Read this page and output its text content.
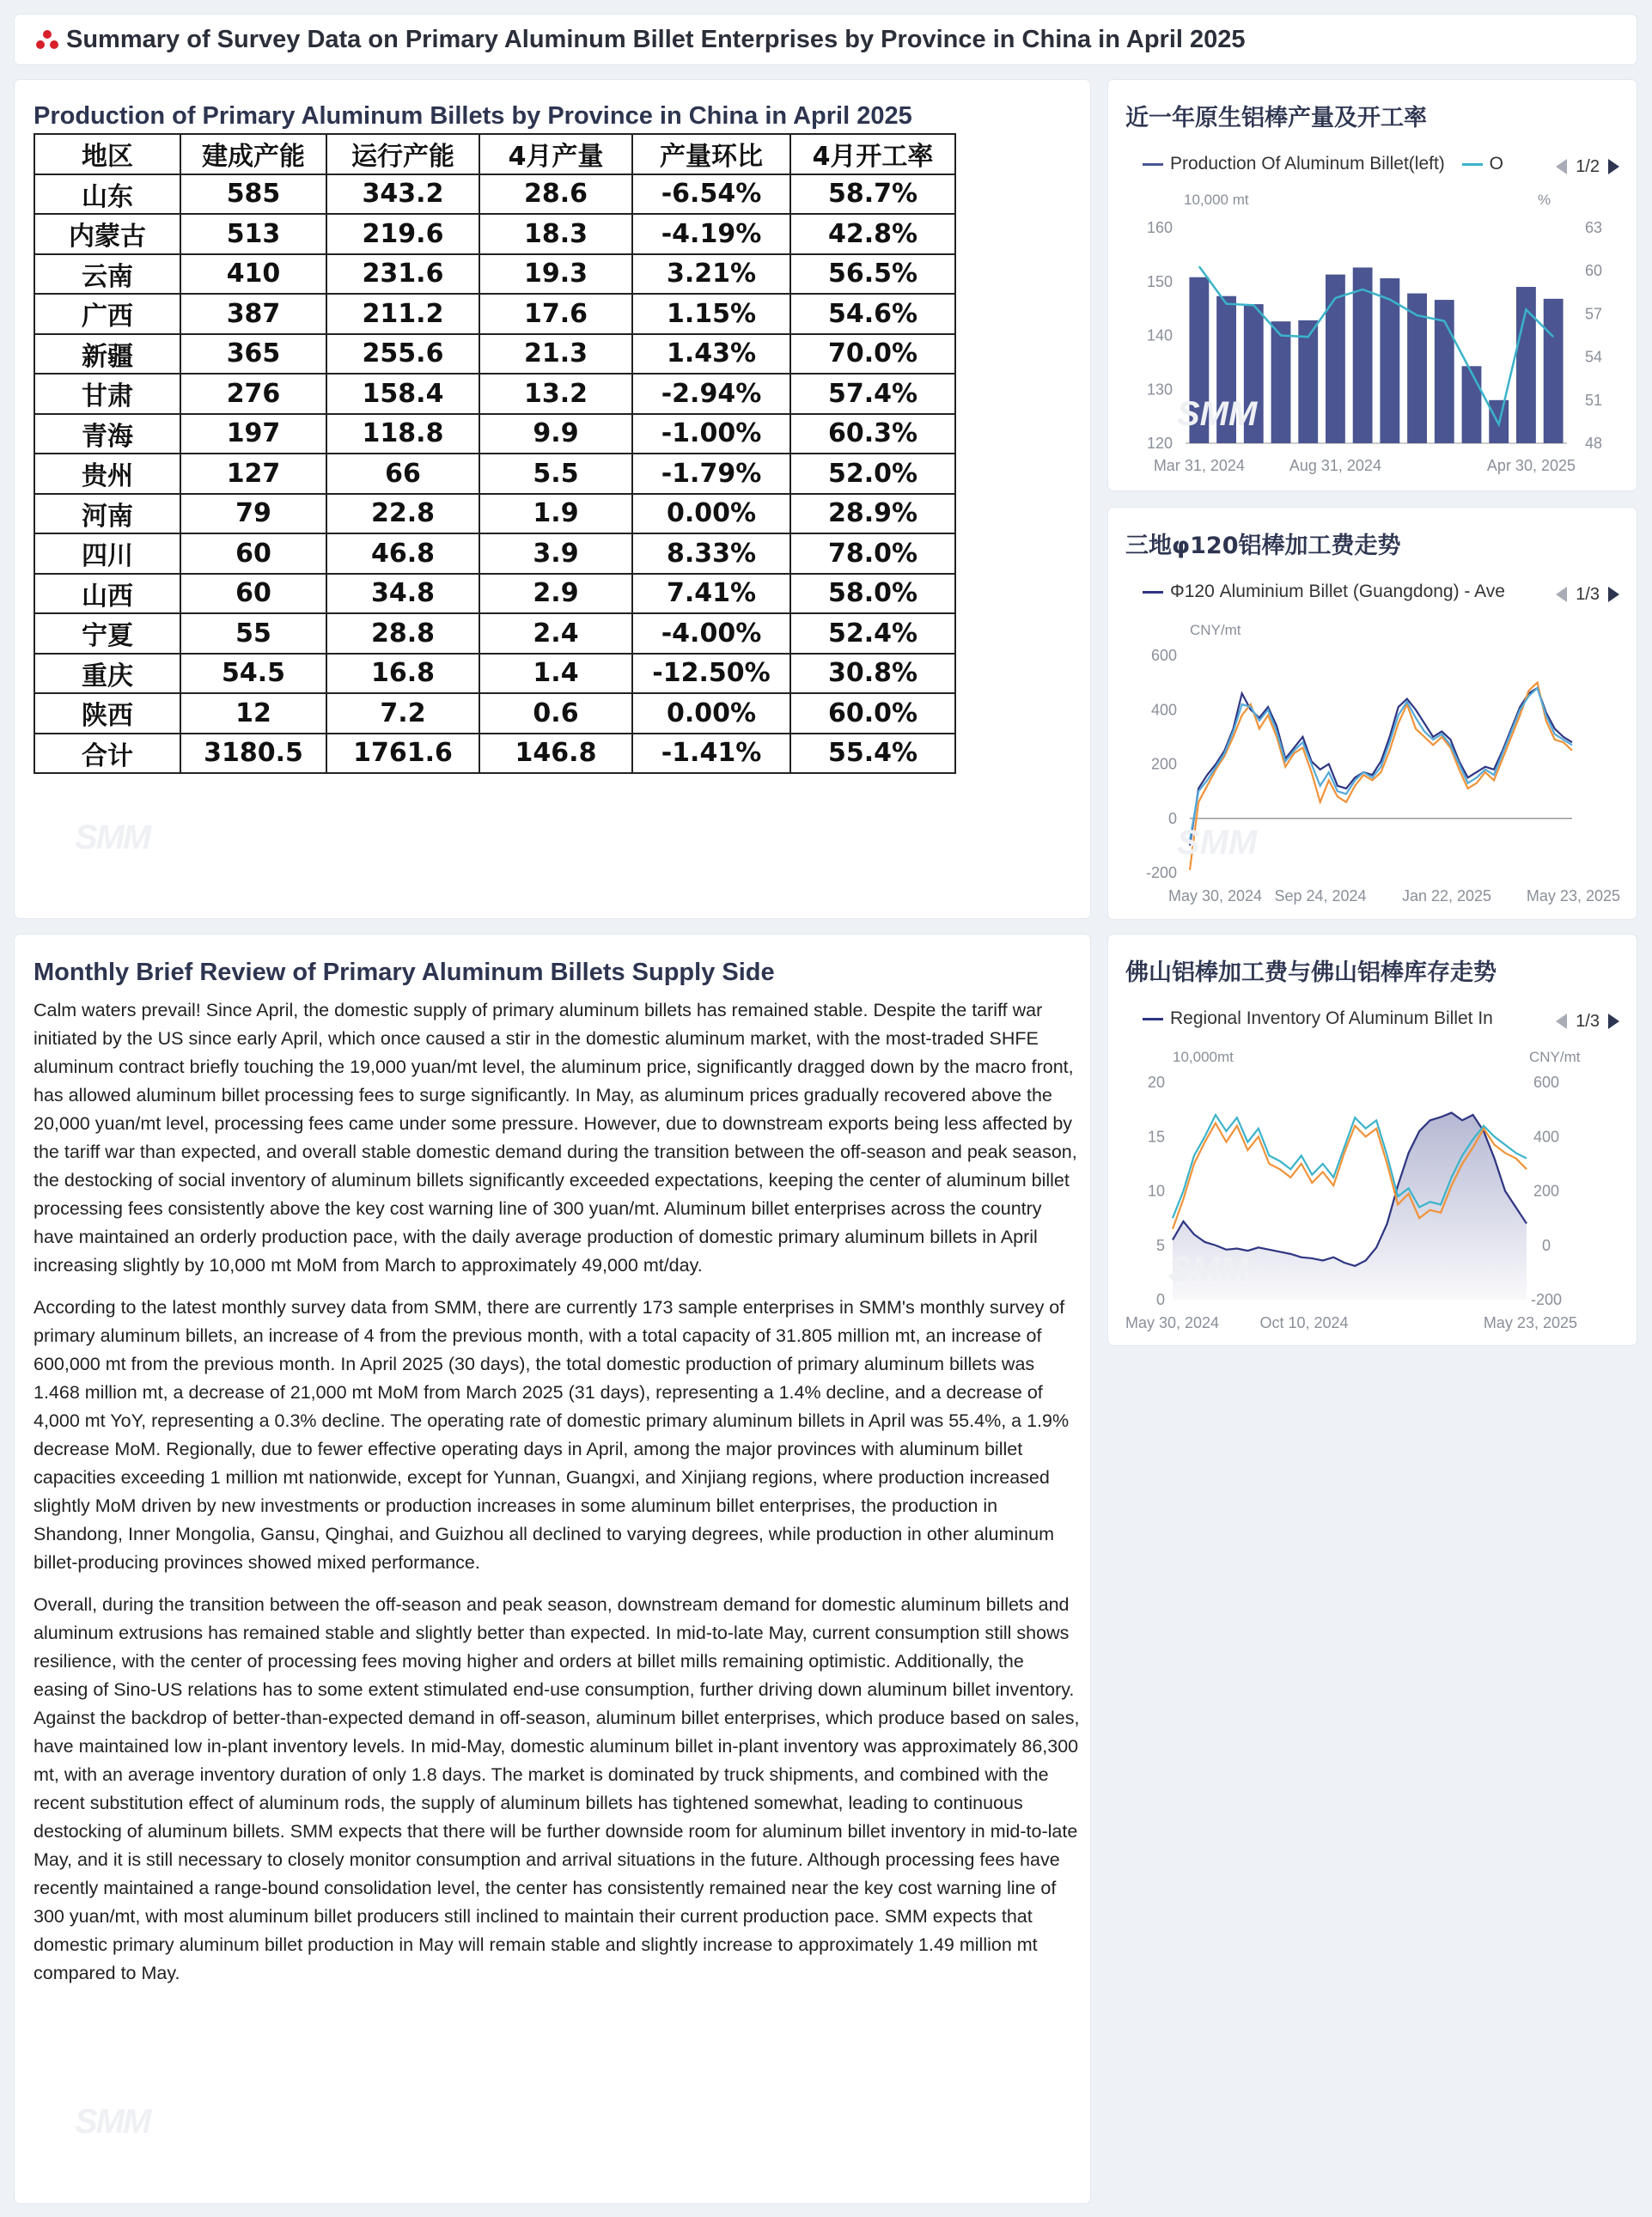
Summary of Survey Data on Primary Aluminum Billet Enterprises by Province in China in April 2025
Production of Primary Aluminum Billets by Province in China in April 2025
地区	建成产能	运行产能	4月产量	产量环比	4月开工率
山东	585	343.2	28.6	-6.54%	58.7%
内蒙古	513	219.6	18.3	-4.19%	42.8%
云南	410	231.6	19.3	3.21%	56.5%
广西	387	211.2	17.6	1.15%	54.6%
新疆	365	255.6	21.3	1.43%	70.0%
甘肃	276	158.4	13.2	-2.94%	57.4%
青海	197	118.8	9.9	-1.00%	60.3%
贵州	127	66	5.5	-1.79%	52.0%
河南	79	22.8	1.9	0.00%	28.9%
四川	60	46.8	3.9	8.33%	78.0%
山西	60	34.8	2.9	7.41%	58.0%
宁夏	55	28.8	2.4	-4.00%	52.4%
重庆	54.5	16.8	1.4	-12.50%	30.8%
陕西	12	7.2	0.6	0.00%	60.0%
合计	3180.5	1761.6	146.8	-1.41%	55.4%
SMM
Monthly Brief Review of Primary Aluminum Billets Supply Side

Calm waters prevail! Since April, the domestic supply of primary aluminum billets has remained stable. Despite the tariff war initiated by the US since early April, which once caused a stir in the domestic aluminum market, with the most-traded SHFE aluminum contract briefly touching the 19,000 yuan/mt level, the aluminum price, significantly dragged down by the macro front, has allowed aluminum billet processing fees to surge significantly. In May, as aluminum prices gradually recovered above the 20,000 yuan/mt level, processing fees came under some pressure. However, due to downstream exports being less affected by the tariff war than expected, and overall stable domestic demand during the transition between the off-season and peak season, the destocking of social inventory of aluminum billets significantly exceeded expectations, keeping the center of aluminum billet processing fees consistently above the key cost warning line of 300 yuan/mt. Aluminum billet enterprises across the country have maintained an orderly production pace, with the daily average production of domestic primary aluminum billets in April increasing slightly by 10,000 mt MoM from March to approximately 49,000 mt/day.

According to the latest monthly survey data from SMM, there are currently 173 sample enterprises in SMM's monthly survey of primary aluminum billets, an increase of 4 from the previous month, with a total capacity of 31.805 million mt, an increase of 600,000 mt from the previous month. In April 2025 (30 days), the total domestic production of primary aluminum billets was 1.468 million mt, a decrease of 21,000 mt MoM from March 2025 (31 days), representing a 1.4% decline, and a decrease of 4,000 mt YoY, representing a 0.3% decline. The operating rate of domestic primary aluminum billets in April was 55.4%, a 1.9% decrease MoM. Regionally, due to fewer effective operating days in April, among the major provinces with aluminum billet capacities exceeding 1 million mt nationwide, except for Yunnan, Guangxi, and Xinjiang regions, where production increased slightly MoM driven by new investments or production increases in some aluminum billet enterprises, the production in Shandong, Inner Mongolia, Gansu, Qinghai, and Guizhou all declined to varying degrees, while production in other aluminum billet-producing provinces showed mixed performance.

Overall, during the transition between the off-season and peak season, downstream demand for domestic aluminum billets and aluminum extrusions has remained stable and slightly better than expected. In mid-to-late May, current consumption still shows resilience, with the center of processing fees moving higher and orders at billet mills remaining optimistic. Additionally, the easing of Sino-US relations has to some extent stimulated end-use consumption, further driving down aluminum billet inventory. Against the backdrop of better-than-expected demand in off-season, aluminum billet enterprises, which produce based on sales, have maintained low in-plant inventory levels. In mid-May, domestic aluminum billet in-plant inventory was approximately 86,300 mt, with an average inventory duration of only 1.8 days. The market is dominated by truck shipments, and combined with the recent substitution effect of aluminum rods, the supply of aluminum billets has tightened somewhat, leading to continuous destocking of aluminum billets. SMM expects that there will be further downside room for aluminum billet inventory in mid-to-late May, and it is still necessary to closely monitor consumption and arrival situations in the future. Although processing fees have recently maintained a range-bound consolidation level, the center has consistently remained near the key cost warning line of 300 yuan/mt, with most aluminum billet producers still inclined to maintain their current production pace. SMM expects that domestic primary aluminum billet production in May will remain stable and slightly increase to approximately 1.49 million mt compared to May.

SMM
近一年原生铝棒产量及开工率
Production Of Aluminum Billet(left) O	1/2
10,000 mt	%
120
130
140
150
160
48
51
54
57
60
63
Mar 31, 2024	Aug 31, 2024	Apr 30, 2025
SMM
三地φ120铝棒加工费走势
Φ120 Aluminium Billet (Guangdong) - Ave	1/3
CNY/mt
-200
0
200
400
600
May 30, 2024 Sep 24, 2024 Jan 22, 2025 May 23, 2025
SMM
佛山铝棒加工费与佛山铝棒库存走势
Regional Inventory Of Aluminum Billet In	1/3
10,000mt	CNY/mt
0
5
10
15
20
-200
0
200
400
600
May 30, 2024	Oct 10, 2024	May 23, 2025
SMM
